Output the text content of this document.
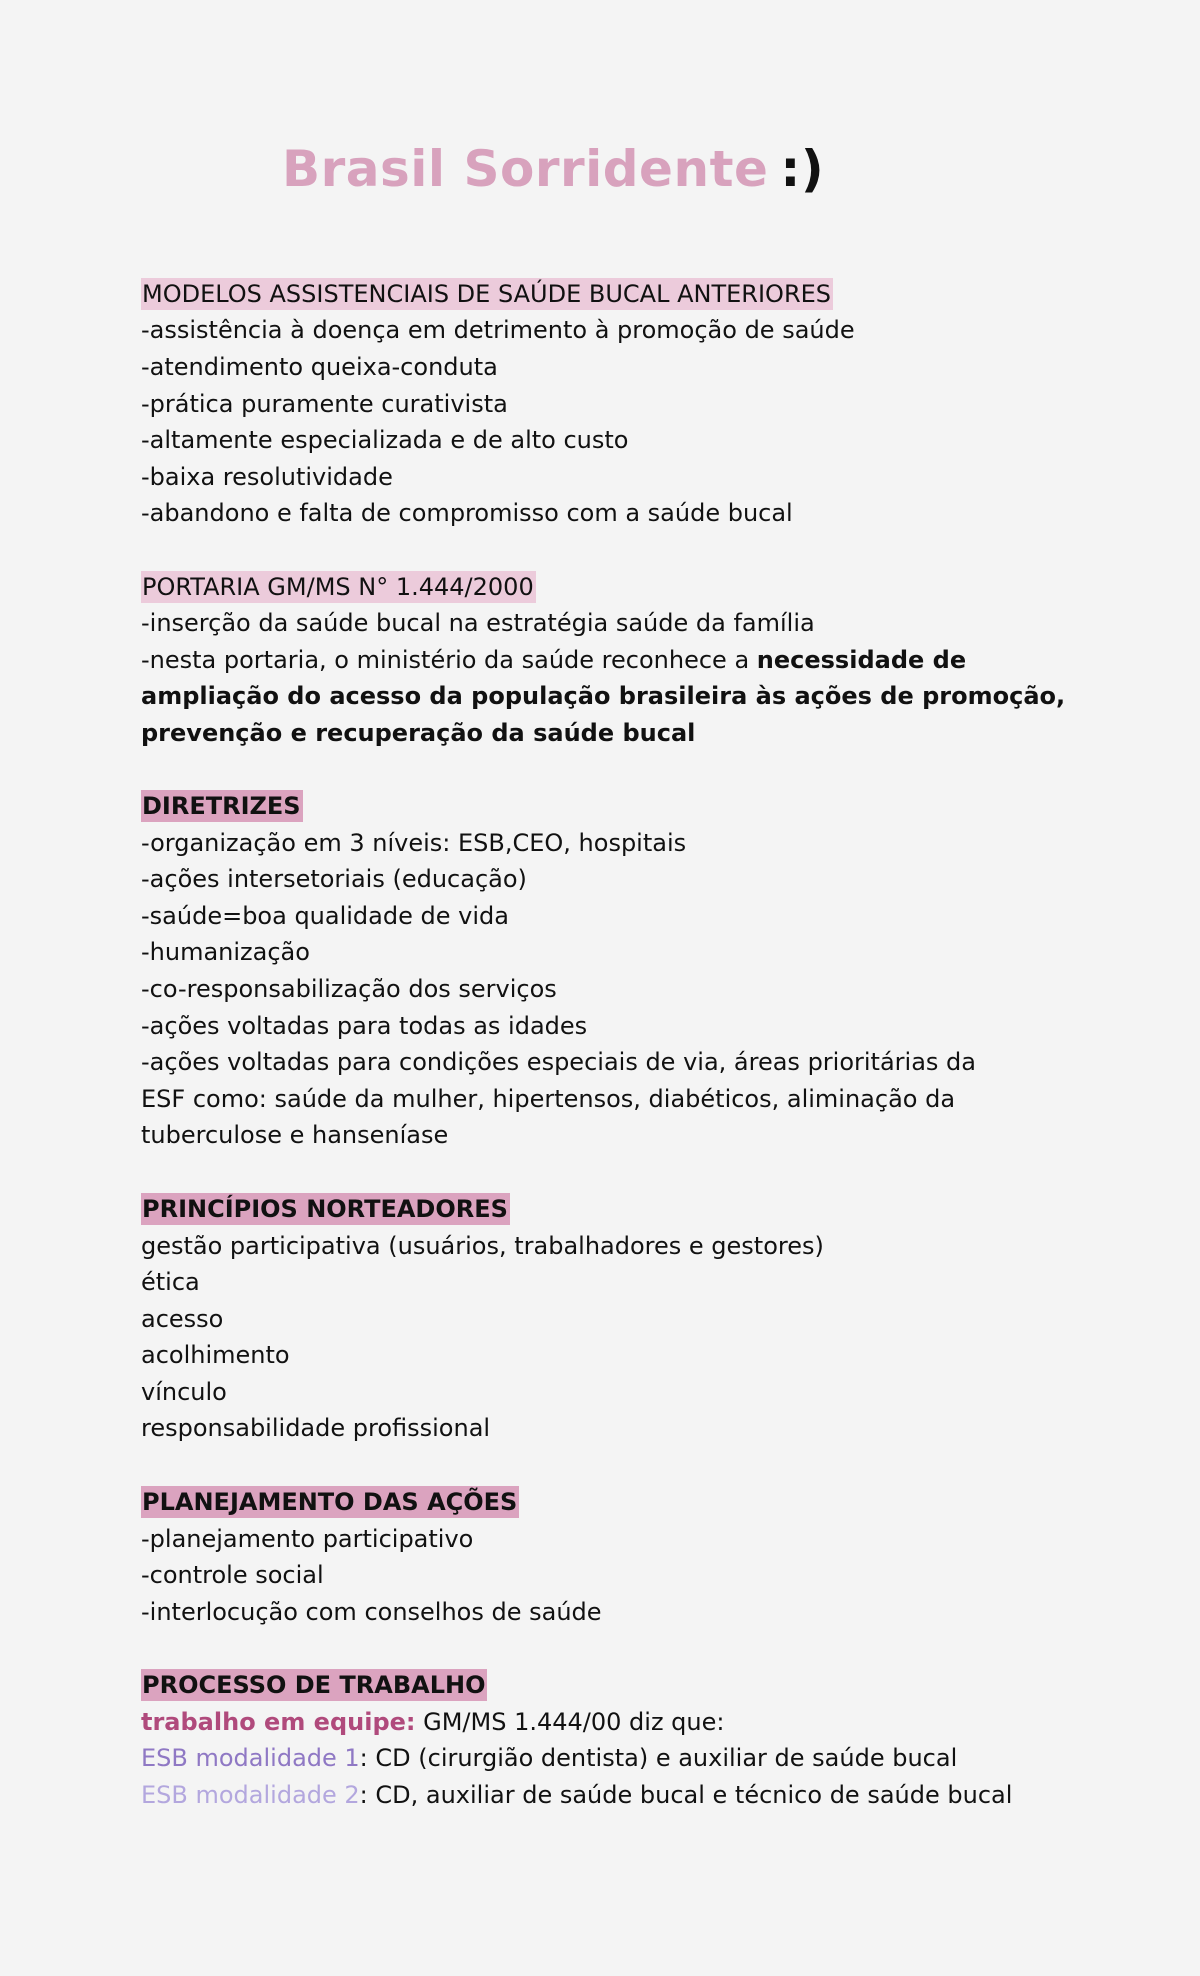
Brasil Sorridente :)
MODELOS ASSISTENCIAIS DE SAÚDE BUCAL ANTERIORES
-assistência à doença em detrimento à promoção de saúde
-atendimento queixa-conduta
-prática puramente curativista
-altamente especializada e de alto custo
-baixa resolutividade
-abandono e falta de compromisso com a saúde bucal
PORTARIA GM/MS N° 1.444/2000
-inserção da saúde bucal na estratégia saúde da família
-nesta portaria, o ministério da saúde reconhece a necessidade de
ampliação do acesso da população brasileira às ações de promoção,
prevenção e recuperação da saúde bucal
DIRETRIZES
-organização em 3 níveis: ESB,CEO, hospitais
-ações intersetoriais (educação)
-saúde=boa qualidade de vida
-humanização
-co-responsabilização dos serviços
-ações voltadas para todas as idades
-ações voltadas para condições especiais de via, áreas prioritárias da
ESF como: saúde da mulher, hipertensos, diabéticos, aliminação da
tuberculose e hanseníase
PRINCÍPIOS NORTEADORES
gestão participativa (usuários, trabalhadores e gestores)
ética
acesso
acolhimento
vínculo
responsabilidade profissional
PLANEJAMENTO DAS AÇÕES
-planejamento participativo
-controle social
-interlocução com conselhos de saúde
PROCESSO DE TRABALHO
trabalho em equipe: GM/MS 1.444/00 diz que:
ESB modalidade 1: CD (cirurgião dentista) e auxiliar de saúde bucal
ESB modalidade 2: CD, auxiliar de saúde bucal e técnico de saúde bucal
